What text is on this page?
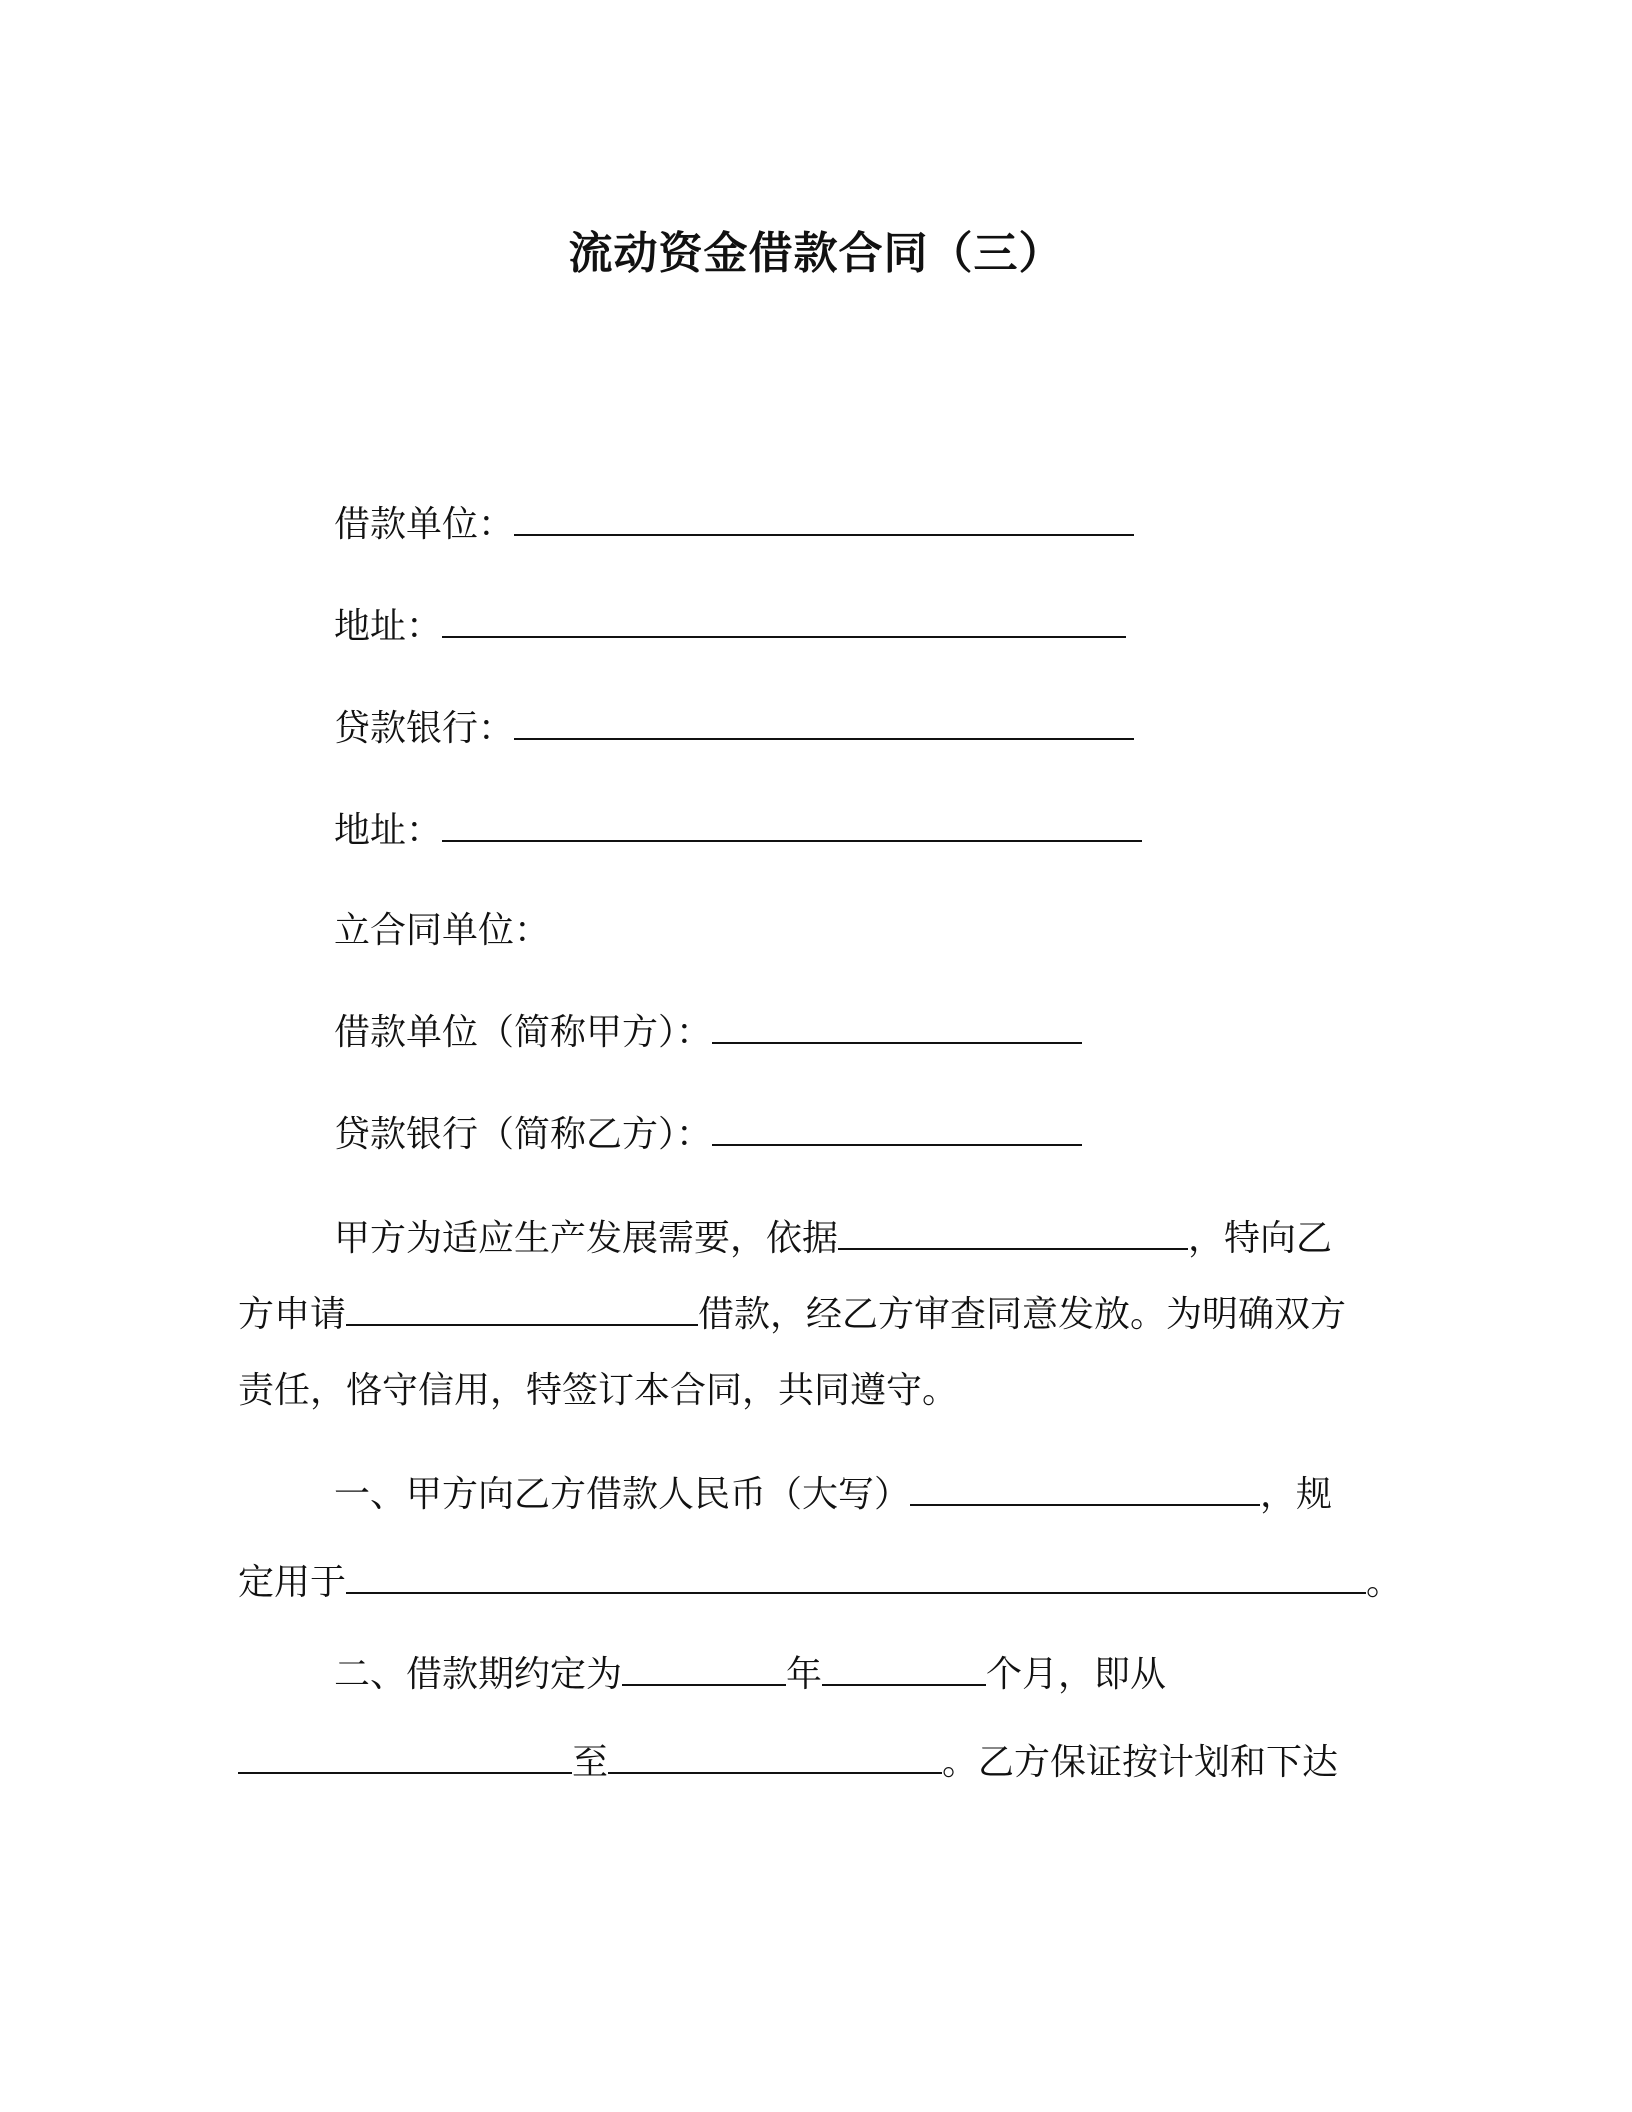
流动资金借款合同（三）
借款单位：
地址：
贷款银行：
地址：
立合同单位：
借款单位（简称甲方）：
贷款银行（简称乙方）：
甲方为适应生产发展需要，依据	，特向乙
方申请	借款，经乙方审查同意发放。为明确双方
责任，恪守信用，特签订本合同，共同遵守。
一、甲方向乙方借款人民币（大写）	，规
定用于	。
二、借款期约定为	年	个月，即从
至	。乙方保证按计划和下达
